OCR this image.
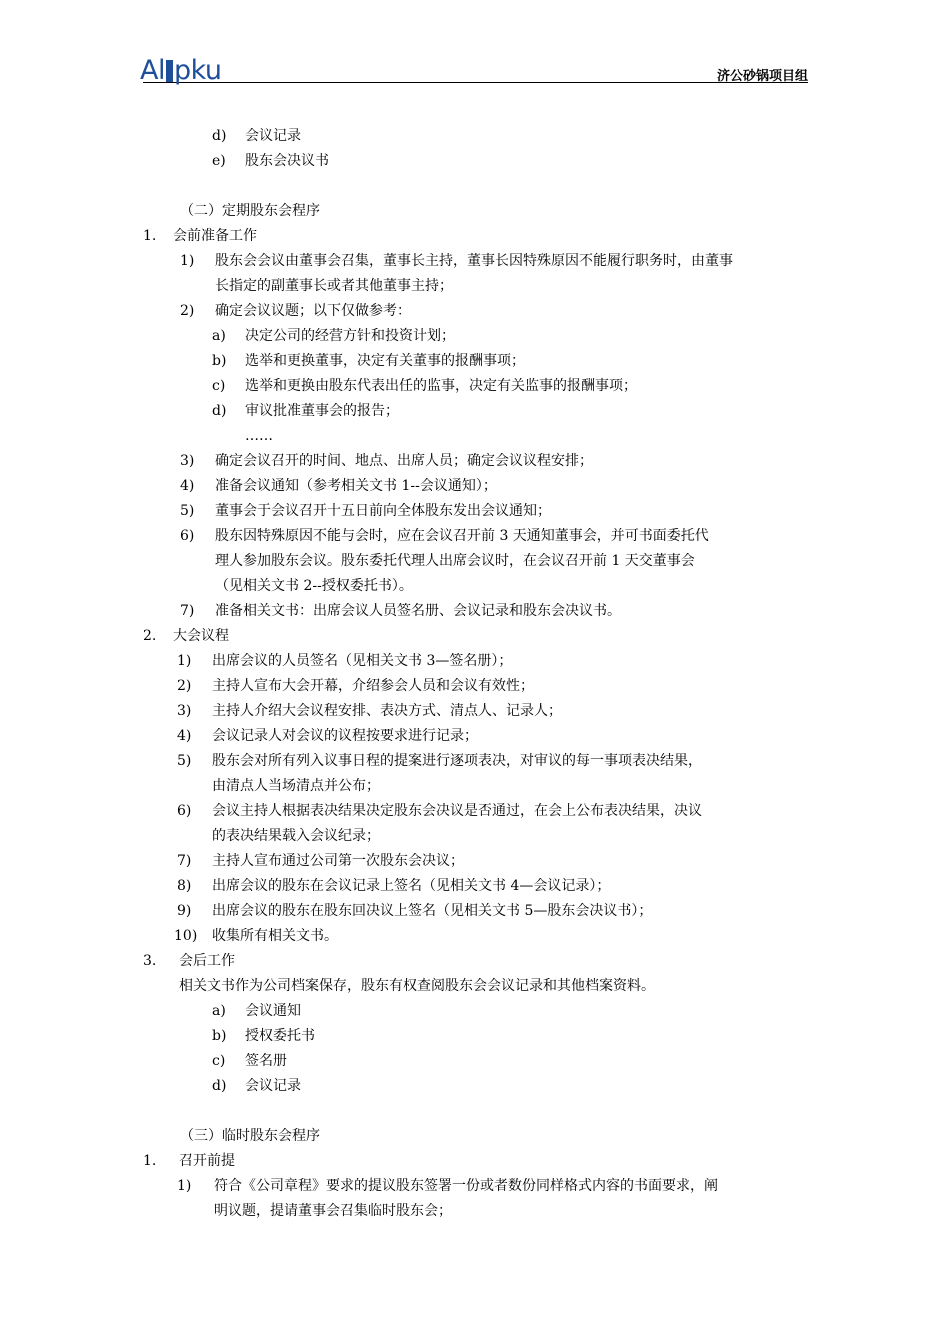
Al pku	济公砂锅项目组
d) 会议记录
e) 股东会决议书
（二）定期股东会程序
1. 会前准备工作
1) 股东会会议由董事会召集，董事长主持，董事长因特殊原因不能履行职务时，由董事
长指定的副董事长或者其他董事主持；
2) 确定会议议题；以下仅做参考：
a) 决定公司的经营方针和投资计划；
b) 选举和更换董事，决定有关董事的报酬事项；
c) 选举和更换由股东代表出任的监事，决定有关监事的报酬事项；
d) 审议批准董事会的报告；
……
3) 确定会议召开的时间、地点、出席人员；确定会议议程安排；
4) 准备会议通知（参考相关文书 1--会议通知）；
5) 董事会于会议召开十五日前向全体股东发出会议通知；
6) 股东因特殊原因不能与会时，应在会议召开前 3 天通知董事会，并可书面委托代
理人参加股东会议。股东委托代理人出席会议时，在会议召开前 1 天交董事会
（见相关文书 2--授权委托书）。
7) 准备相关文书：出席会议人员签名册、会议记录和股东会决议书。
2. 大会议程
1) 出席会议的人员签名（见相关文书 3—签名册）；
2) 主持人宣布大会开幕，介绍参会人员和会议有效性；
3) 主持人介绍大会议程安排、表决方式、清点人、记录人；
4) 会议记录人对会议的议程按要求进行记录；
5) 股东会对所有列入议事日程的提案进行逐项表决，对审议的每一事项表决结果，
由清点人当场清点并公布；
6) 会议主持人根据表决结果决定股东会决议是否通过，在会上公布表决结果，决议
的表决结果载入会议纪录；
7) 主持人宣布通过公司第一次股东会决议；
8) 出席会议的股东在会议记录上签名（见相关文书 4—会议记录）；
9) 出席会议的股东在股东回决议上签名（见相关文书 5—股东会决议书）；
10) 收集所有相关文书。
3. 会后工作
相关文书作为公司档案保存，股东有权查阅股东会会议记录和其他档案资料。
a) 会议通知
b) 授权委托书
c) 签名册
d) 会议记录
（三）临时股东会程序
1. 召开前提
1) 符合《公司章程》要求的提议股东签署一份或者数份同样格式内容的书面要求，阐
明议题，提请董事会召集临时股东会；
